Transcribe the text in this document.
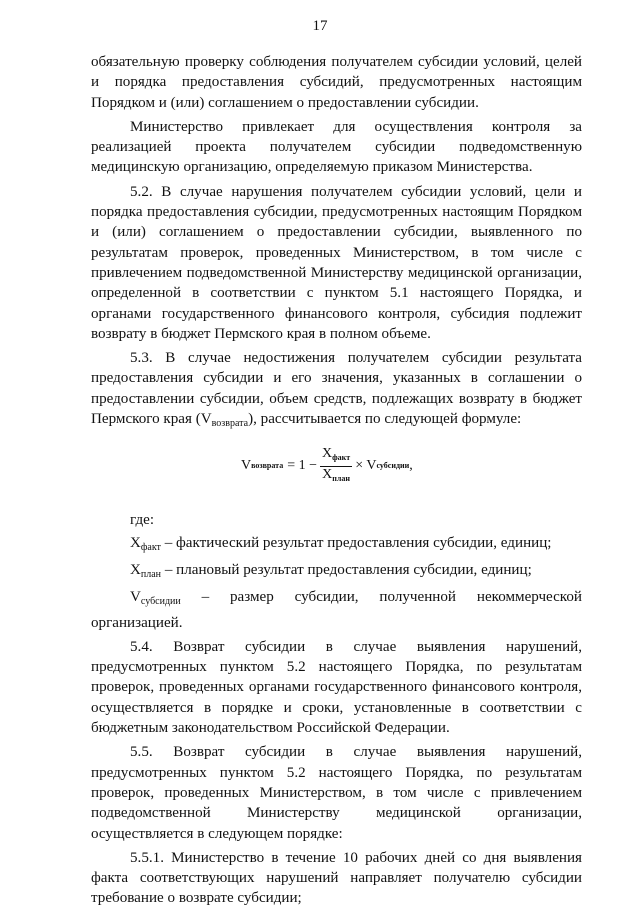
17

обязательную проверку соблюдения получателем субсидии условий, целей и порядка предоставления субсидий, предусмотренных настоящим Порядком и (или) соглашением о предоставлении субсидии.

Министерство привлекает для осуществления контроля за реализацией проекта получателем субсидии подведомственную медицинскую организацию, определяемую приказом Министерства.

5.2. В случае нарушения получателем субсидии условий, цели и порядка предоставления субсидии, предусмотренных настоящим Порядком и (или) соглашением о предоставлении субсидии, выявленного по результатам проверок, проведенных Министерством, в том числе с привлечением подведомственной Министерству медицинской организации, определенной в соответствии с пунктом 5.1 настоящего Порядка, и органами государственного финансового контроля, субсидия подлежит возврату в бюджет Пермского края в полном объеме.

5.3. В случае недостижения получателем субсидии результата предоставления субсидии и его значения, указанных в соглашении о предоставлении субсидии, объем средств, подлежащих возврату в бюджет Пермского края (Vвозврата), рассчитывается по следующей формуле:

V возврата = $1 - \frac{X_{факт}}{X_{план}} \times V$ субсидии ,

где:

Xфакт – фактический результат предоставления субсидии, единиц;

Xплан – плановый результат предоставления субсидии, единиц;

Vсубсидии – размер субсидии, полученной некоммерческой организацией.

5.4. Возврат субсидии в случае выявления нарушений, предусмотренных пунктом 5.2 настоящего Порядка, по результатам проверок, проведенных органами государственного финансового контроля, осуществляется в порядке и сроки, установленные в соответствии с бюджетным законодательством Российской Федерации.

5.5. Возврат субсидии в случае выявления нарушений, предусмотренных пунктом 5.2 настоящего Порядка, по результатам проверок, проведенных Министерством, в том числе с привлечением подведомственной Министерству медицинской организации, осуществляется в следующем порядке:

5.5.1. Министерство в течение 10 рабочих дней со дня выявления факта соответствующих нарушений направляет получателю субсидии требование о возврате субсидии;
